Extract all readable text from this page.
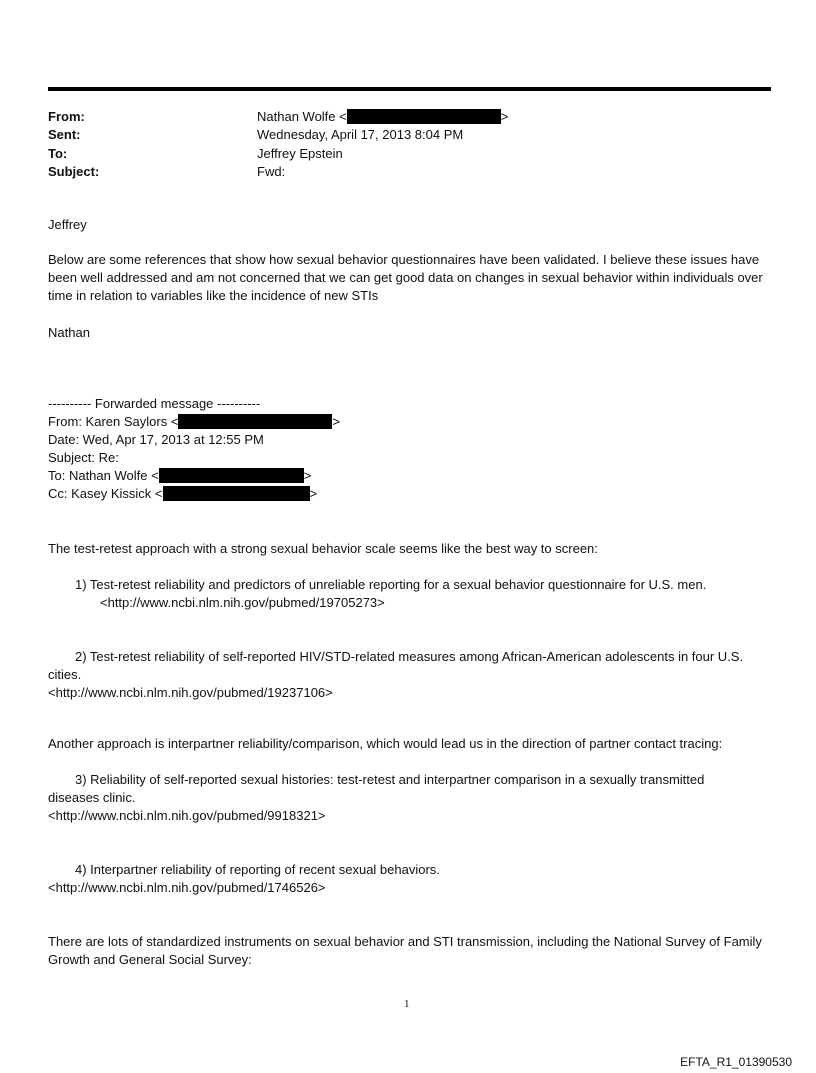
From:	Nathan Wolfe <	>
Sent:	Wednesday, April 17, 2013 8:04 PM
To:	Jeffrey Epstein
Subject:	Fwd:
Jeffrey
Below are some references that show how sexual behavior questionnaires have been validated. I believe these issues have been well addressed and am not concerned that we can get good data on changes in sexual behavior within individuals over time in relation to variables like the incidence of new STIs
Nathan
---------- Forwarded message ----------
From: Karen Saylors <	>
Date: Wed, Apr 17, 2013 at 12:55 PM
Subject: Re:
To: Nathan Wolfe <	>
Cc: Kasey Kissick <	>
The test-retest approach with a strong sexual behavior scale seems like the best way to screen:
1) Test-retest reliability and predictors of unreliable reporting for a sexual behavior questionnaire for U.S. men.
<http://www.ncbi.nlm.nih.gov/pubmed/19705273>
2) Test-retest reliability of self-reported HIV/STD-related measures among African-American adolescents in four U.S.
cities.
<http://www.ncbi.nlm.nih.gov/pubmed/19237106>
Another approach is interpartner reliability/comparison, which would lead us in the direction of partner contact tracing:
3) Reliability of self-reported sexual histories: test-retest and interpartner comparison in a sexually transmitted
diseases clinic.
<http://www.ncbi.nlm.nih.gov/pubmed/9918321>
4) Interpartner reliability of reporting of recent sexual behaviors.
<http://www.ncbi.nlm.nih.gov/pubmed/1746526>
There are lots of standardized instruments on sexual behavior and STI transmission, including the National Survey of Family Growth and General Social Survey:
1
EFTA_R1_01390530
